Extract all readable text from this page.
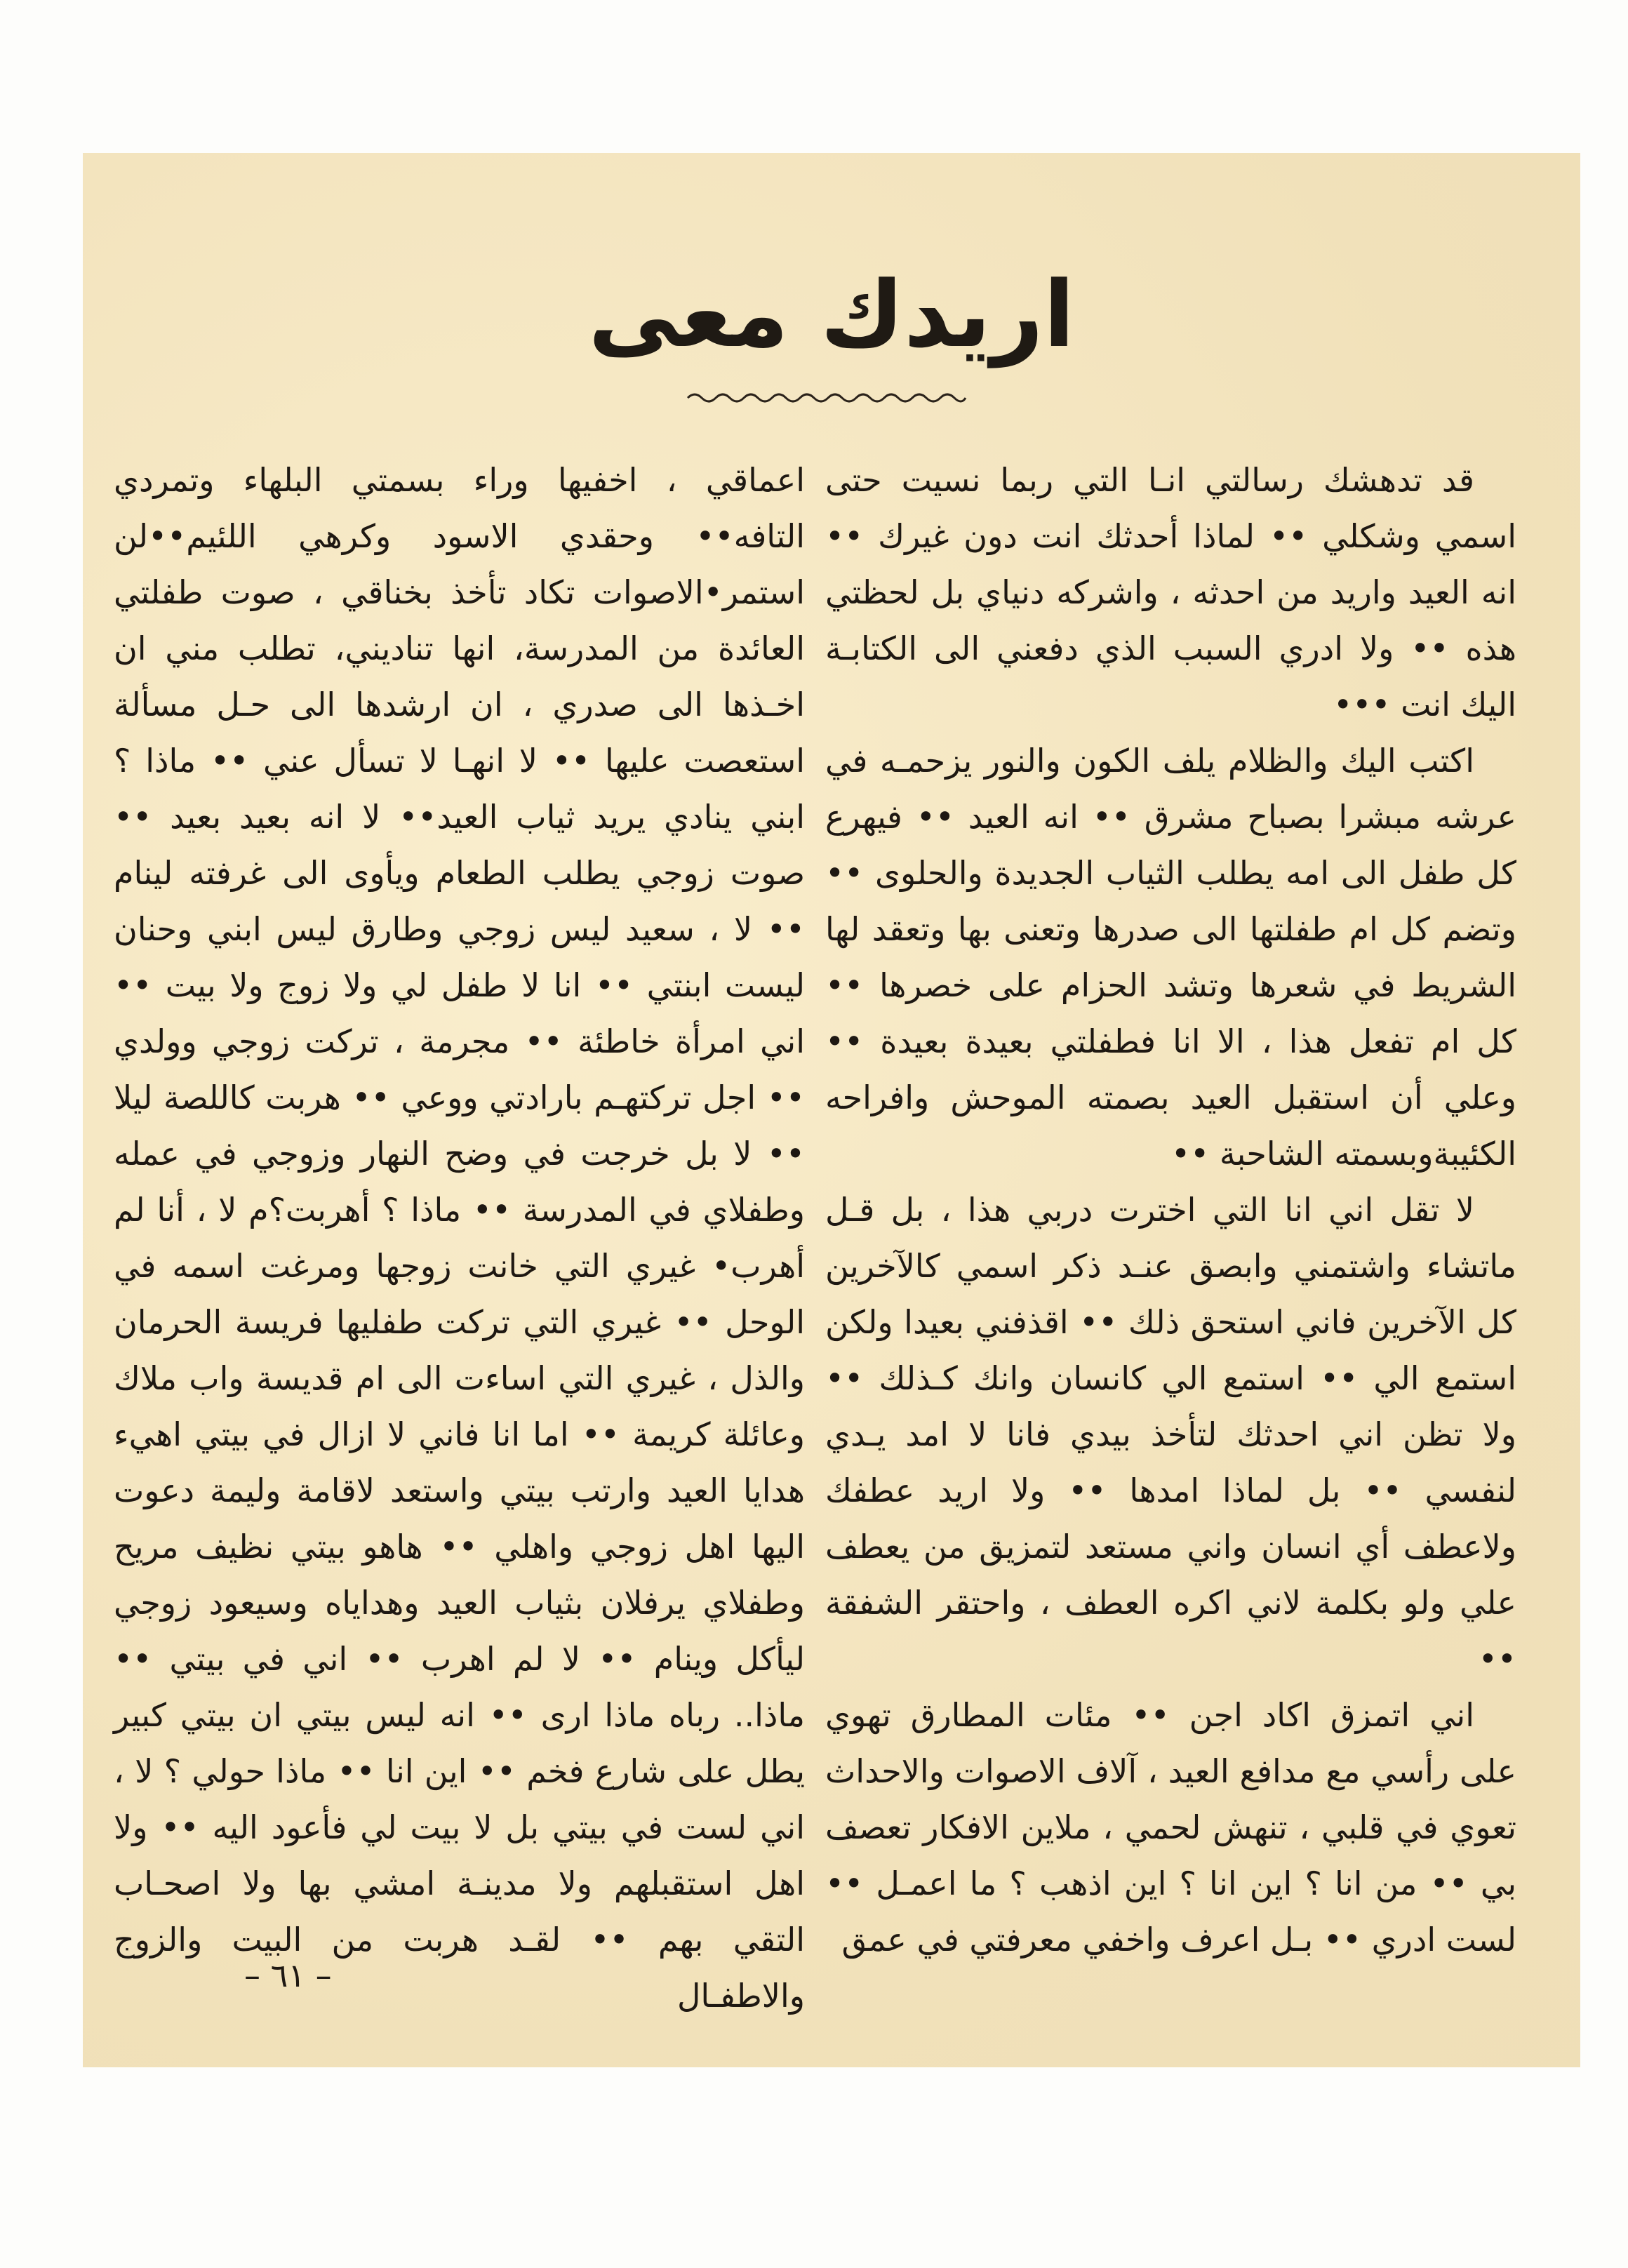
اريدك معى

قد تدهشك رسالتي انـا التي ربما نسيت حتى اسمي وشكلي •• لماذا أحدثك انت دون غيرك •• انه العيد واريد من احدثه ، واشركه دنياي بل لحظتي هذه •• ولا ادري السبب الذي دفعني الى الكتابـة اليك انت •••

اكتب اليك والظلام يلف الكون والنور يزحمـه في عرشه مبشرا بصباح مشرق •• انه العيد •• فيهرع كل طفل الى امه يطلب الثياب الجديدة والحلوى •• وتضم كل ام طفلتها الى صدرها وتعنى بها وتعقد لها الشريط في شعرها وتشد الحزام على خصرها •• كل ام تفعل هذا ، الا انا فطفلتي بعيدة بعيدة •• وعلي أن استقبل العيد بصمته الموحش وافراحه الكئيبةوبسمته الشاحبة ••

لا تقل اني انا التي اخترت دربي هذا ، بل قـل ماتشاء واشتمني وابصق عنـد ذكر اسمي كالآخرين كل الآخرين فاني استحق ذلك •• اقذفني بعيدا ولكن استمع الي •• استمع الي كانسان وانك كـذلك •• ولا تظن اني احدثك لتأخذ بيدي فانا لا امد يـدي لنفسي •• بل لماذا امدها •• ولا اريد عطفك ولاعطف أي انسان واني مستعد لتمزيق من يعطف علي ولو بكلمة لاني اكره العطف ، واحتقر الشفقة ••

اني اتمزق اكاد اجن •• مئات المطارق تهوي على رأسي مع مدافع العيد ، آلاف الاصوات والاحداث تعوي في قلبي ، تنهش لحمي ، ملاين الافكار تعصف بي •• من انا ؟ اين انا ؟ اين اذهب ؟ ما اعمـل •• لست ادري •• بـل اعرف واخفي معرفتي في عمق

اعماقي ، اخفيها وراء بسمتي البلهاء وتمردي التافه•• وحقدي الاسود وكرهي اللئيم••لن استمر•الاصوات تكاد تأخذ بخناقي ، صوت طفلتي العائدة من المدرسة، انها تناديني، تطلب مني ان اخـذها الى صدري ، ان ارشدها الى حـل مسألة استعصت عليها •• لا انهـا لا تسأل عني •• ماذا ؟ ابني ينادي يريد ثياب العيد•• لا انه بعيد بعيد •• صوت زوجي يطلب الطعام ويأوى الى غرفته لينام •• لا ، سعيد ليس زوجي وطارق ليس ابني وحنان ليست ابنتي •• انا لا طفل لي ولا زوج ولا بيت •• اني امرأة خاطئة •• مجرمة ، تركت زوجي وولدي •• اجل تركتهـم بارادتي ووعي •• هربت كاللصة ليلا •• لا بل خرجت في وضح النهار وزوجي في عمله وطفلاي في المدرسة •• ماذا ؟ أهربت؟م لا ، أنا لم أهرب• غيري التي خانت زوجها ومرغت اسمه في الوحل •• غيري التي تركت طفليها فريسة الحرمان والذل ، غيري التي اساءت الى ام قديسة واب ملاك وعائلة كريمة •• اما انا فاني لا ازال في بيتي اهيء هدايا العيد وارتب بيتي واستعد لاقامة وليمة دعوت اليها اهل زوجي واهلي •• هاهو بيتي نظيف مريح وطفلاي يرفلان بثياب العيد وهداياه وسيعود زوجي ليأكل وينام •• لا لم اهرب •• اني في بيتي •• ماذا.. رباه ماذا ارى •• انه ليس بيتي ان بيتي كبير يطل على شارع فخم •• اين انا •• ماذا حولي ؟ لا ، اني لست في بيتي بل لا بيت لي فأعود اليه •• ولا اهل استقبلهم ولا مدينـة امشي بها ولا اصحـاب التقي بهم •• لقـد هربت من البيت والزوج والاطفـال

– ٦١ –
